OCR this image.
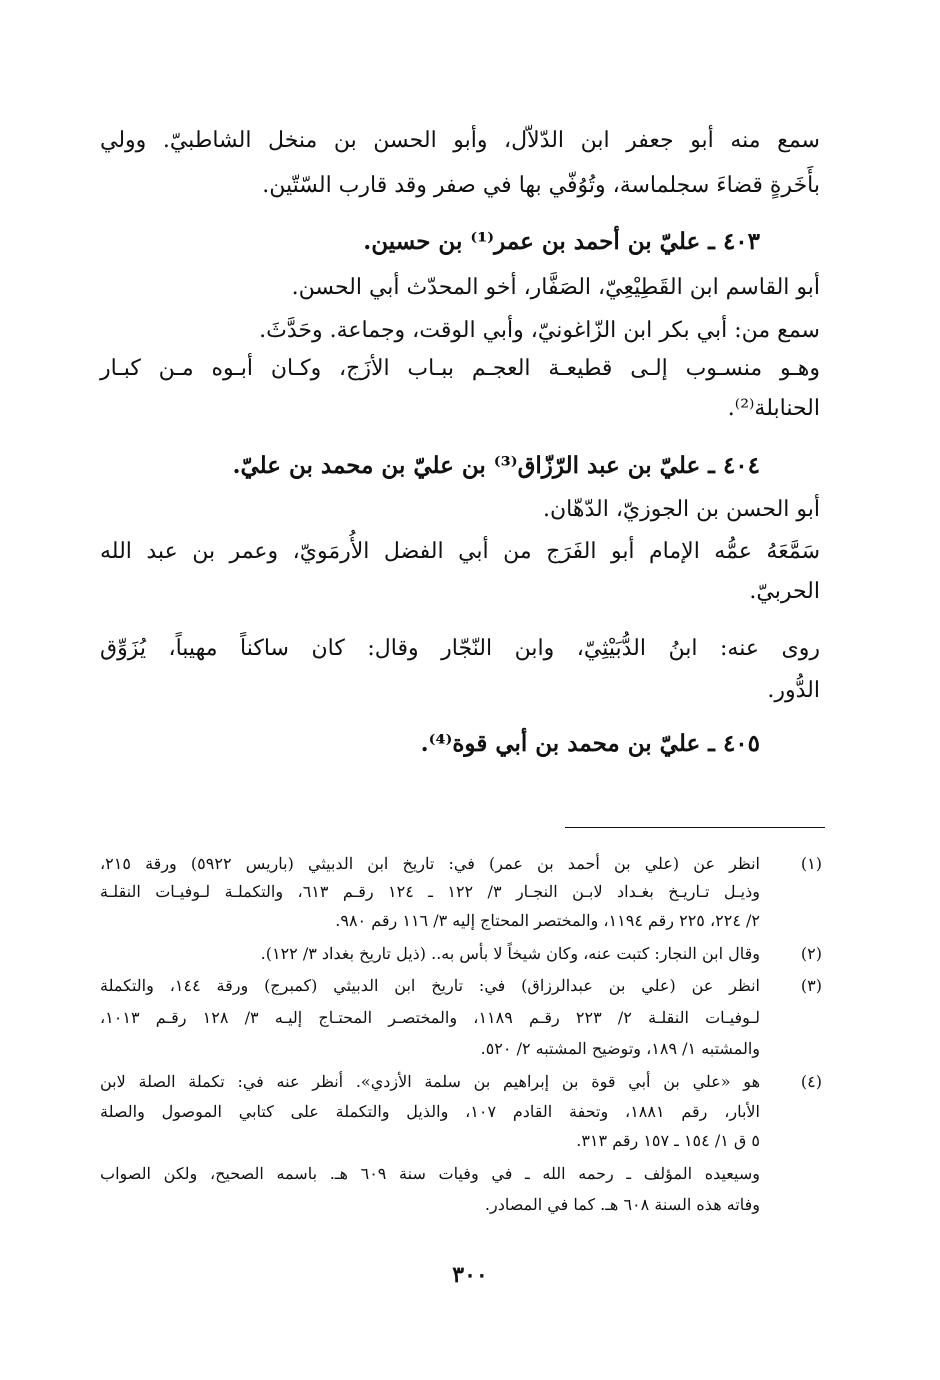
سمع منه أبو جعفر ابن الدّلاّل، وأبو الحسن بن منخل الشاطبيّ. وولي
بأَخَرةٍ قضاءَ سجلماسة، وتُوُفّي بها في صفر وقد قارب السّتّين.
٤٠٣ ـ عليّ بن أحمد بن عمر⁽¹⁾ بن حسين.
أبو القاسم ابن القَطِيْعِيّ، الصَفَّار، أخو المحدّث أبي الحسن.
سمع من: أبي بكر ابن الزّاغونيّ، وأبي الوقت، وجماعة. وحَدَّثَ.
وهـو منسـوب إلـى قطيعـة العجـم ببـاب الأزَج، وكـان أبـوه مـن كبـار
الحنابلة⁽²⁾.
٤٠٤ ـ عليّ بن عبد الرّزّاق⁽³⁾ بن عليّ بن محمد بن عليّ.
أبو الحسن بن الجوزيّ، الدّهّان.
سَمَّعَهُ عمُّه الإمام أبو الفَرَج من أبي الفضل الأُرمَويّ، وعمر بن عبد الله
الحربيّ.
روى عنه: ابنُ الدُّبَيْثِيّ، وابن النّجّار وقال: كان ساكناً مهيباً، يُزَوِّق
الدُّور.
٤٠٥ ـ عليّ بن محمد بن أبي قوة⁽⁴⁾.
(١)
انظر عن (علي بن أحمد بن عمر) في: تاريخ ابن الدبيثي (باريس ٥٩٢٢) ورقة ٢١٥،
وذيـل تـاريـخ بغـداد لابـن النجـار ٣/ ١٢٢ ـ ١٢٤ رقـم ٦١٣، والتكملـة لـوفيـات النقلـة
٢/ ٢٢٤، ٢٢٥ رقم ١١٩٤، والمختصر المحتاج إليه ٣/ ١١٦ رقم ٩٨٠.
(٢)
وقال ابن النجار: كتبت عنه، وكان شيخاً لا بأس به.. (ذيل تاريخ بغداد ٣/ ١٢٢).
(٣)
انظر عن (علي بن عبدالرزاق) في: تاريخ ابن الدبيثي (كمبرج) ورقة ١٤٤، والتكملة
لـوفيـات النقلـة ٢/ ٢٢٣ رقـم ١١٨٩، والمختصـر المحتـاج إليـه ٣/ ١٢٨ رقـم ١٠١٣،
والمشتبه ١/ ١٨٩، وتوضيح المشتبه ٢/ ٥٢٠.
(٤)
هو «علي بن أبي قوة بن إبراهيم بن سلمة الأزدي». أنظر عنه في: تكملة الصلة لابن
الأبار، رقم ١٨٨١، وتحفة القادم ١٠٧، والذيل والتكملة على كتابي الموصول والصلة
٥ ق ١/ ١٥٤ ـ ١٥٧ رقم ٣١٣.
وسيعيده المؤلف ـ رحمه الله ـ في وفيات سنة ٦٠٩ هـ. باسمه الصحيح، ولكن الصواب
وفاته هذه السنة ٦٠٨ هـ. كما في المصادر.
٣٠٠
